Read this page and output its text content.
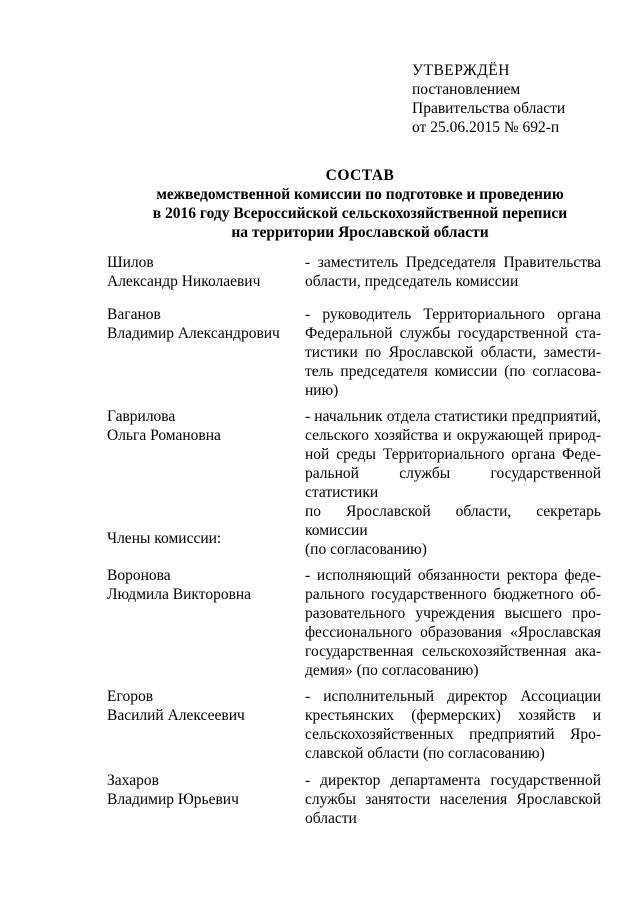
УТВЕРЖДЁН
постановлением
Правительства области
от 25.06.2015 № 692-п
СОСТАВ
межведомственной комиссии по подготовке и проведению
в 2016 году Всероссийской сельскохозяйственной переписи
на территории Ярославской области
Шилов
Александр Николаевич
- заместитель Председателя Правительства
области, председатель комиссии
Ваганов
Владимир Александрович
- руководитель Территориального органа
Федеральной службы государственной ста-
тистики по Ярославской области, замести-
тель председателя комиссии (по согласова-
нию)
Гаврилова
Ольга Романовна
- начальник отдела статистики предприятий,
сельского хозяйства и окружающей природ-
ной среды Территориального органа Феде-
ральной службы государственной статистики
по Ярославской области, секретарь комиссии
(по согласованию)
Члены комиссии:
Воронова
Людмила Викторовна
- исполняющий обязанности ректора феде-
рального государственного бюджетного об-
разовательного учреждения высшего про-
фессионального образования «Ярославская
государственная сельскохозяйственная ака-
демия» (по согласованию)
Егоров
Василий Алексеевич
- исполнительный директор Ассоциации
крестьянских (фермерских) хозяйств и
сельскохозяйственных предприятий Яро-
славской области (по согласованию)
Захаров
Владимир Юрьевич
- директор департамента государственной
службы занятости населения Ярославской
области
